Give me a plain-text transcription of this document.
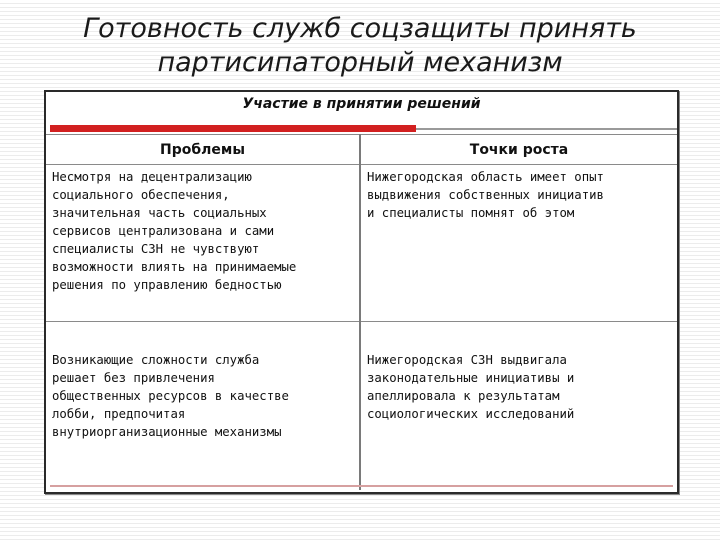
Готовность служб соцзащиты принять
партисипаторный механизм
Участие в принятии решений
Проблемы	Точки роста
Несмотря на децентрализацию
социального обеспечения,
значительная часть социальных
сервисов централизована и сами
специалисты СЗН не чувствуют
возможности влиять на принимаемые
решения по управлению бедностью
Нижегородская область имеет опыт
выдвижения собственных инициатив
и специалисты помнят об этом
Возникающие сложности служба
решает без привлечения
общественных ресурсов в качестве
лобби, предпочитая
внутриорганизационные механизмы
Нижегородская СЗН выдвигала
законодательные инициативы и
апеллировала к результатам
социологических исследований
